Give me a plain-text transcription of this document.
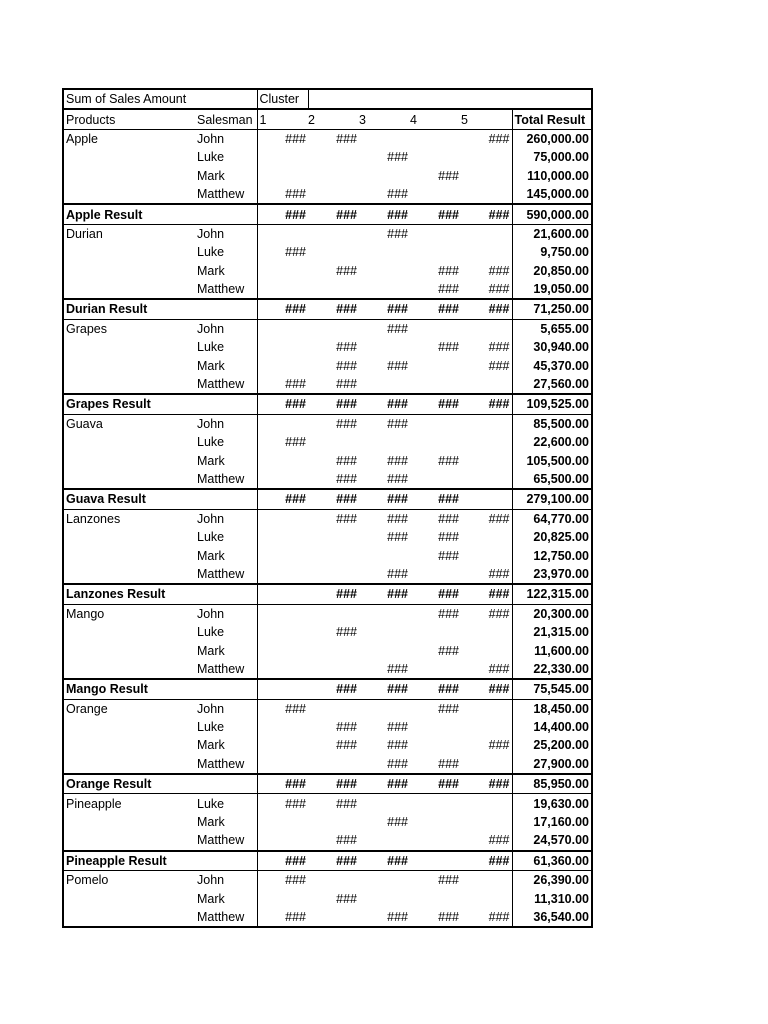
Sum of Sales Amount		Cluster					
Products	Salesman	1	2	3	4	5	Total Result
Apple	John	###	###			###	260,000.00
	Luke			###			75,000.00
	Mark				###		110,000.00
	Matthew	###		###			145,000.00
Apple Result		###	###	###	###	###	590,000.00
Durian	John			###			21,600.00
	Luke	###					9,750.00
	Mark		###		###	###	20,850.00
	Matthew				###	###	19,050.00
Durian Result		###	###	###	###	###	71,250.00
Grapes	John			###			5,655.00
	Luke		###		###	###	30,940.00
	Mark		###	###		###	45,370.00
	Matthew	###	###				27,560.00
Grapes Result		###	###	###	###	###	109,525.00
Guava	John		###	###			85,500.00
	Luke	###					22,600.00
	Mark		###	###	###		105,500.00
	Matthew		###	###			65,500.00
Guava Result		###	###	###	###		279,100.00
Lanzones	John		###	###	###	###	64,770.00
	Luke			###	###		20,825.00
	Mark				###		12,750.00
	Matthew			###		###	23,970.00
Lanzones Result			###	###	###	###	122,315.00
Mango	John				###	###	20,300.00
	Luke		###				21,315.00
	Mark				###		11,600.00
	Matthew			###		###	22,330.00
Mango Result			###	###	###	###	75,545.00
Orange	John	###			###		18,450.00
	Luke		###	###			14,400.00
	Mark		###	###		###	25,200.00
	Matthew			###	###		27,900.00
Orange Result		###	###	###	###	###	85,950.00
Pineapple	Luke	###	###				19,630.00
	Mark			###			17,160.00
	Matthew		###			###	24,570.00
Pineapple Result		###	###	###		###	61,360.00
Pomelo	John	###			###		26,390.00
	Mark		###				11,310.00
	Matthew	###		###	###	###	36,540.00
